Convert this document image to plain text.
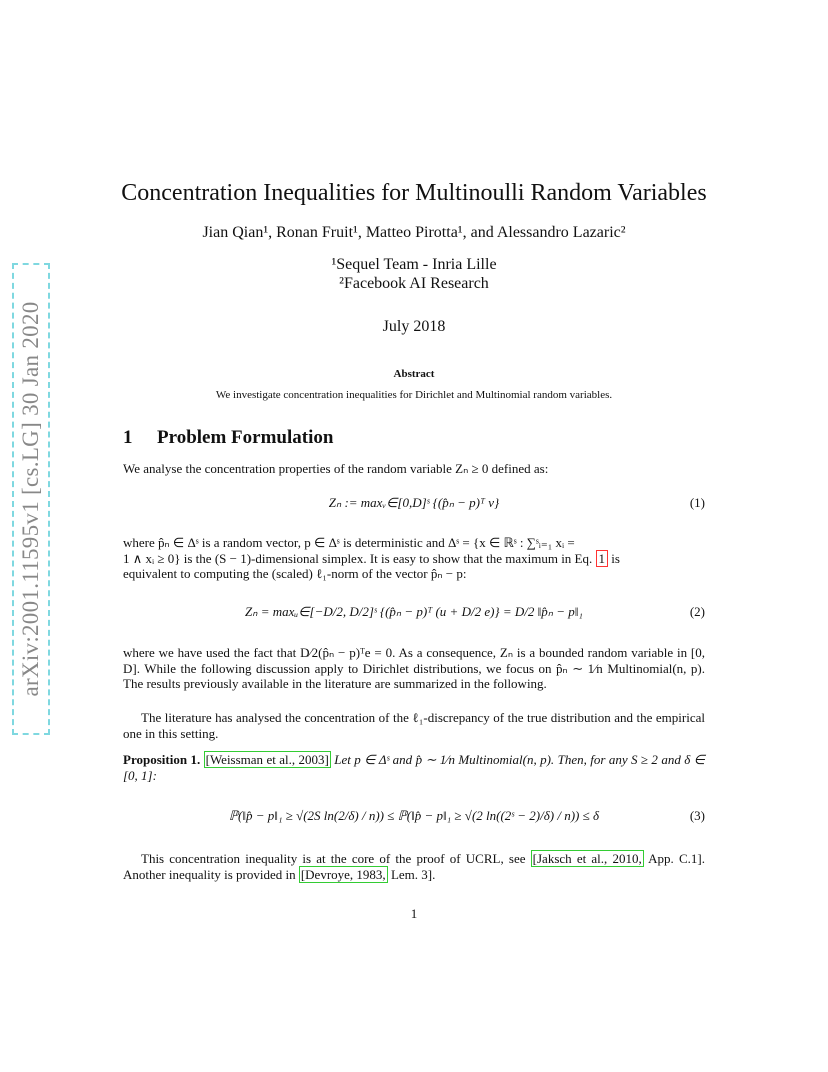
arXiv:2001.11595v1 [cs.LG] 30 Jan 2020
Concentration Inequalities for Multinoulli Random Variables
Jian Qian¹, Ronan Fruit¹, Matteo Pirotta¹, and Alessandro Lazaric²
¹Sequel Team - Inria Lille
²Facebook AI Research
July 2018
Abstract
We investigate concentration inequalities for Dirichlet and Multinomial random variables.
1 Problem Formulation
We analyse the concentration properties of the random variable Zₙ ≥ 0 defined as:
Zₙ := maxᵥ∈[0,D]ˢ {(p̂ₙ − p)ᵀ v}	(1)
where p̂ₙ ∈ Δˢ is a random vector, p ∈ Δˢ is deterministic and Δˢ = {x ∈ ℝˢ : ∑ˢᵢ₌₁ xᵢ =
1 ∧ xᵢ ≥ 0} is the (S − 1)-dimensional simplex. It is easy to show that the maximum in Eq. 1 is
equivalent to computing the (scaled) ℓ₁-norm of the vector p̂ₙ − p:
Zₙ = maxᵤ∈[−D/2, D/2]ˢ {(p̂ₙ − p)ᵀ (u + D/2 e)} = D/2 ‖p̂ₙ − p‖₁	(2)
where we have used the fact that D⁄2(p̂ₙ − p)ᵀe = 0. As a consequence, Zₙ is a bounded random variable in [0, D]. While the following discussion apply to Dirichlet distributions, we focus on p̂ₙ ∼ 1⁄n Multinomial(n, p). The results previously available in the literature are summarized in the following.
The literature has analysed the concentration of the ℓ₁-discrepancy of the true distribution and the empirical one in this setting.
Proposition 1. [Weissman et al., 2003] Let p ∈ Δˢ and p̂ ∼ 1⁄n Multinomial(n, p). Then, for any S ≥ 2 and δ ∈ [0, 1]:
ℙ(‖p̂ − p‖₁ ≥ √(2S ln(2/δ) / n)) ≤ ℙ(‖p̂ − p‖₁ ≥ √(2 ln((2ˢ − 2)/δ) / n)) ≤ δ	(3)
This concentration inequality is at the core of the proof of UCRL, see [Jaksch et al., 2010, App. C.1]. Another inequality is provided in [Devroye, 1983, Lem. 3].
1
